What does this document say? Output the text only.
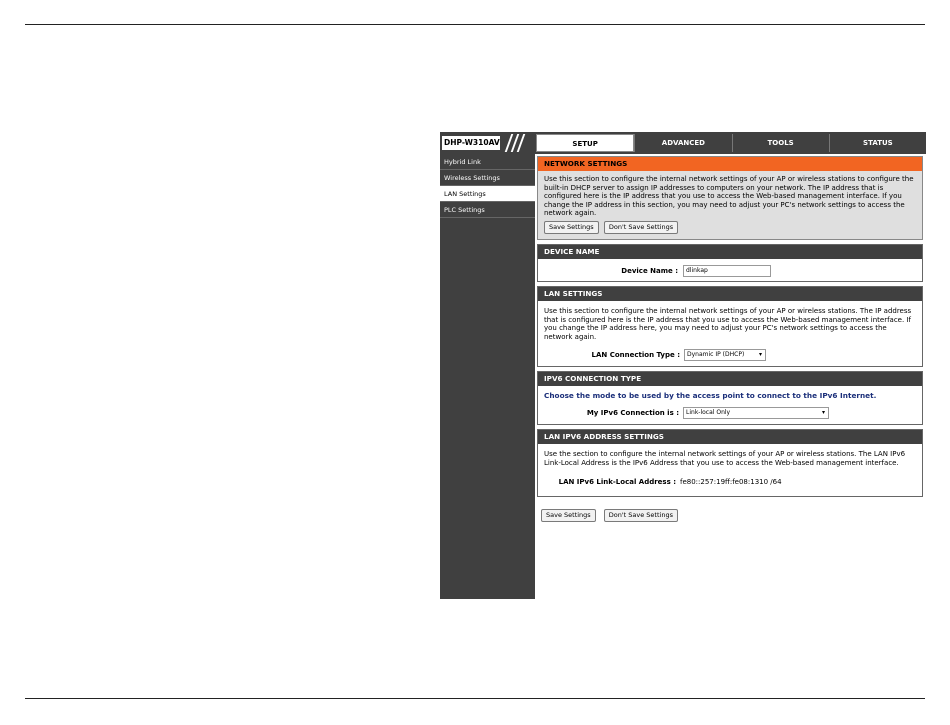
DHP-W310AV	SETUP	ADVANCED	TOOLS	STATUS
Hybrid Link
Wireless Settings
LAN Settings
PLC Settings
NETWORK SETTINGS
Use this section to configure the internal network settings of your AP or wireless stations to configure the built-in DHCP server to assign IP addresses to computers on your network. The IP address that is configured here is the IP address that you use to access the Web-based management interface. If you change the IP address in this section, you may need to adjust your PC's network settings to access the network again.
Save Settings Don't Save Settings
DEVICE NAME
Device Name :	dlinkap
LAN SETTINGS
Use this section to configure the internal network settings of your AP or wireless stations. The IP address that is configured here is the IP address that you use to access the Web-based management interface. If you change the IP address here, you may need to adjust your PC's network settings to access the network again.
LAN Connection Type :	Dynamic IP (DHCP) ▾
IPV6 CONNECTION TYPE
Choose the mode to be used by the access point to connect to the IPv6 Internet.
My IPv6 Connection is :	Link-local Only	▾
LAN IPV6 ADDRESS SETTINGS
Use the section to configure the internal network settings of your AP or wireless stations. The LAN IPv6 Link-Local Address is the IPv6 Address that you use to access the Web-based management interface.
LAN IPv6 Link-Local Address : fe80::257:19ff:fe08:1310 /64
Save Settings	Don't Save Settings
